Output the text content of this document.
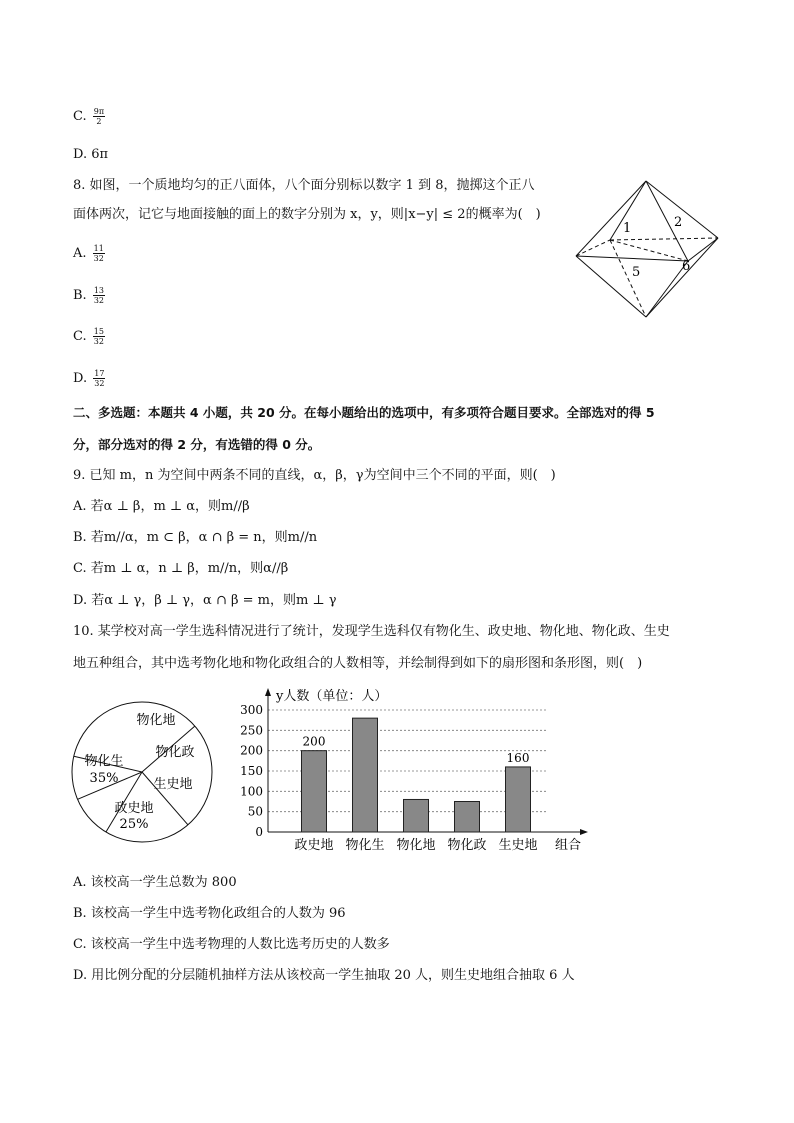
C. $\frac{9\pi}{2}$
D. 6π
8. 如图，一个质地均匀的正八面体，八个面分别标以数字 1 到 8，抛掷这个正八
面体两次，记它与地面接触的面上的数字分别为 x，y，则|x−y| ≤ 2的概率为(　)
A. $\frac{11}{32}$
B. $\frac{13}{32}$
C. $\frac{15}{32}$
D. $\frac{17}{32}$
1	2
5	6
二、多选题：本题共 4 小题，共 20 分。在每小题给出的选项中，有多项符合题目要求。全部选对的得 5
分，部分选对的得 2 分，有选错的得 0 分。
9. 已知 m，n 为空间中两条不同的直线，α，β，γ为空间中三个不同的平面，则(　)
A. 若α ⊥ β，m ⊥ α，则m//β
B. 若m//α，m ⊂ β，α ∩ β = n，则m//n
C. 若m ⊥ α，n ⊥ β，m//n，则α//β
D. 若α ⊥ γ，β ⊥ γ，α ∩ β = m，则m ⊥ γ
10. 某学校对高一学生选科情况进行了统计，发现学生选科仅有物化生、政史地、物化地、物化政、生史
地五种组合，其中选考物化地和物化政组合的人数相等，并绘制得到如下的扇形图和条形图，则(　)
物化生
35%
政史地
25%
生史地
物化政
物化地
0
50
100
150
200
250
300
y人数（单位：人）
政史地
200
物化生 物化地 物化政 生史地
160
组合
A. 该校高一学生总数为 800
B. 该校高一学生中选考物化政组合的人数为 96
C. 该校高一学生中选考物理的人数比选考历史的人数多
D. 用比例分配的分层随机抽样方法从该校高一学生抽取 20 人，则生史地组合抽取 6 人
